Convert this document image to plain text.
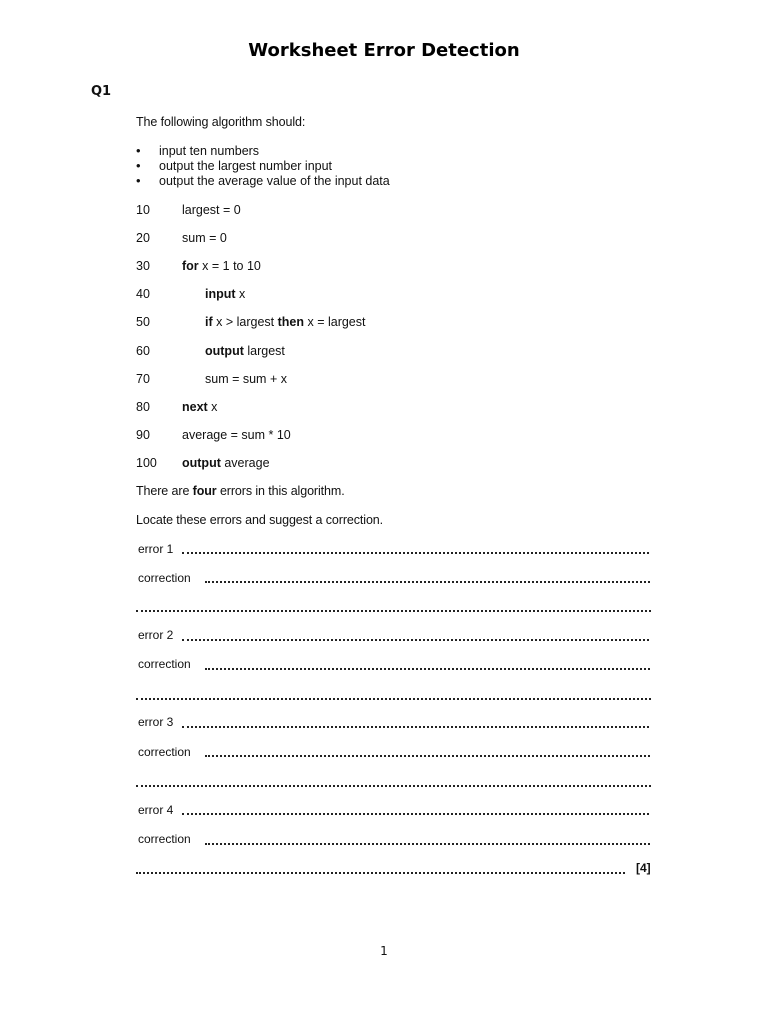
Worksheet Error Detection
Q1
The following algorithm should:
• input ten numbers
• output the largest number input
• output the average value of the input data
10	largest = 0
20	sum = 0
30	for x = 1 to 10
40	input x
50	if x > largest then x = largest
60	output largest
70	sum = sum + x
80	next x
90	average = sum * 10
100 output average
There are four errors in this algorithm.
Locate these errors and suggest a correction.
error 1
correction
error 2
correction
error 3
correction
error 4
correction
[4]
1
